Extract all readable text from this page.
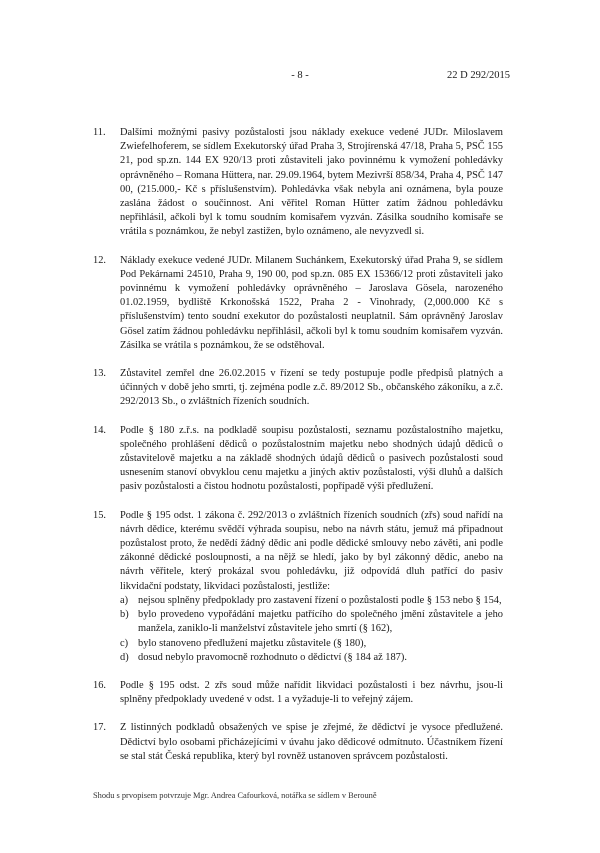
- 8 -	22 D 292/2015
11.	Dalšími možnými pasivy pozůstalosti jsou náklady exekuce vedené JUDr. Miloslavem Zwiefelhoferem, se sídlem Exekutorský úřad Praha 3, Strojírenská 47/18, Praha 5, PSČ 155 21, pod sp.zn. 144 EX 920/13 proti zůstaviteli jako povinnému k vymožení pohledávky oprávněného – Romana Hüttera, nar. 29.09.1964, bytem Mezivrší 858/34, Praha 4, PSČ 147 00, (215.000,- Kč s příslušenstvím). Pohledávka však nebyla ani oznámena, byla pouze zaslána žádost o součinnost. Ani věřitel Roman Hütter zatím žádnou pohledávku nepřihlásil, ačkoli byl k tomu soudním komisařem vyzván. Zásilka soudního komisaře se vrátila s poznámkou, že nebyl zastižen, bylo oznámeno, ale nevyzvedl si.

12.	Náklady exekuce vedené JUDr. Milanem Suchánkem, Exekutorský úřad Praha 9, se sídlem Pod Pekárnami 24510, Praha 9, 190 00, pod sp.zn. 085 EX 15366/12 proti zůstaviteli jako povinnému k vymožení pohledávky oprávněného – Jaroslava Gösela, narozeného 01.02.1959, bydliště Krkonošská 1522, Praha 2 - Vinohrady, (2,000.000 Kč s příslušenstvím) tento soudní exekutor do pozůstalosti neuplatnil. Sám oprávněný Jaroslav Gösel zatím žádnou pohledávku nepřihlásil, ačkoli byl k tomu soudním komisařem vyzván. Zásilka se vrátila s poznámkou, že se odstěhoval.

13.	Zůstavitel zemřel dne 26.02.2015 v řízení se tedy postupuje podle předpisů platných a účinných v době jeho smrti, tj. zejména podle z.č. 89/2012 Sb., občanského zákoníku, a z.č. 292/2013 Sb., o zvláštních řízeních soudních.

14.	Podle § 180 z.ř.s. na podkladě soupisu pozůstalosti, seznamu pozůstalostního majetku, společného prohlášení dědiců o pozůstalostním majetku nebo shodných údajů dědiců o zůstavitelově majetku a na základě shodných údajů dědiců o pasivech pozůstalosti soud usnesením stanoví obvyklou cenu majetku a jiných aktiv pozůstalosti, výši dluhů a dalších pasiv pozůstalosti a čistou hodnotu pozůstalosti, popřípadě výši předlužení.

15.	Podle § 195 odst. 1 zákona č. 292/2013 o zvláštních řízeních soudních (zřs) soud nařídí na návrh dědice, kterému svědčí výhrada soupisu, nebo na návrh státu, jemuž má připadnout pozůstalost proto, že nedědí žádný dědic ani podle dědické smlouvy nebo závěti, ani podle zákonné dědické posloupnosti, a na nějž se hledí, jako by byl zákonný dědic, anebo na návrh věřitele, který prokázal svou pohledávku, již odpovídá dluh patřící do pasiv likvidační podstaty, likvidaci pozůstalosti, jestliže:

a) nejsou splněny předpoklady pro zastavení řízení o pozůstalosti podle § 153 nebo § 154,
b) bylo provedeno vypořádání majetku patřícího do společného jmění zůstavitele a jeho manžela, zaniklo-li manželství zůstavitele jeho smrtí (§ 162),
c) bylo stanoveno předlužení majetku zůstavitele (§ 180),
d) dosud nebylo pravomocně rozhodnuto o dědictví (§ 184 až 187).
16.	Podle § 195 odst. 2 zřs soud může nařídit likvidaci pozůstalosti i bez návrhu, jsou-li splněny předpoklady uvedené v odst. 1 a vyžaduje-li to veřejný zájem.

17.	Z listinných podkladů obsažených ve spise je zřejmé, že dědictví je vysoce předlužené. Dědictví bylo osobami přicházejícími v úvahu jako dědicové odmítnuto. Účastníkem řízení se stal stát Česká republika, který byl rovněž ustanoven správcem pozůstalosti.

Shodu s prvopisem potvrzuje Mgr. Andrea Cafourková, notářka se sídlem v Berouně
